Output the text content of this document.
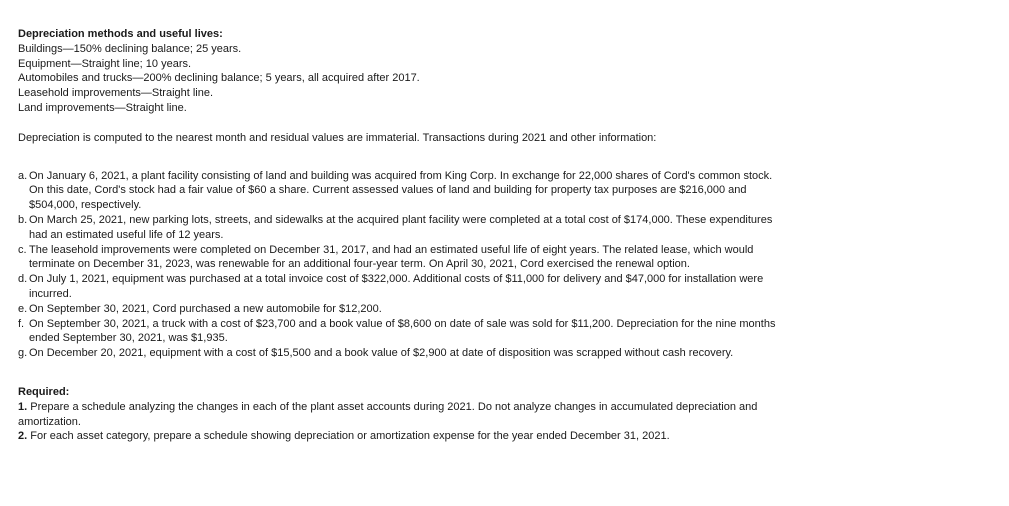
Depreciation methods and useful lives:
Buildings—150% declining balance; 25 years.
Equipment—Straight line; 10 years.
Automobiles and trucks—200% declining balance; 5 years, all acquired after 2017.
Leasehold improvements—Straight line.
Land improvements—Straight line.
Depreciation is computed to the nearest month and residual values are immaterial. Transactions during 2021 and other information:
a. On January 6, 2021, a plant facility consisting of land and building was acquired from King Corp. In exchange for 22,000 shares of Cord's common stock. On this date, Cord's stock had a fair value of $60 a share. Current assessed values of land and building for property tax purposes are $216,000 and $504,000, respectively.
b. On March 25, 2021, new parking lots, streets, and sidewalks at the acquired plant facility were completed at a total cost of $174,000. These expenditures had an estimated useful life of 12 years.
c. The leasehold improvements were completed on December 31, 2017, and had an estimated useful life of eight years. The related lease, which would terminate on December 31, 2023, was renewable for an additional four-year term. On April 30, 2021, Cord exercised the renewal option.
d. On July 1, 2021, equipment was purchased at a total invoice cost of $322,000. Additional costs of $11,000 for delivery and $47,000 for installation were incurred.
e. On September 30, 2021, Cord purchased a new automobile for $12,200.
f. On September 30, 2021, a truck with a cost of $23,700 and a book value of $8,600 on date of sale was sold for $11,200. Depreciation for the nine months ended September 30, 2021, was $1,935.
g. On December 20, 2021, equipment with a cost of $15,500 and a book value of $2,900 at date of disposition was scrapped without cash recovery.
Required:
1. Prepare a schedule analyzing the changes in each of the plant asset accounts during 2021. Do not analyze changes in accumulated depreciation and amortization.
2. For each asset category, prepare a schedule showing depreciation or amortization expense for the year ended December 31, 2021.
